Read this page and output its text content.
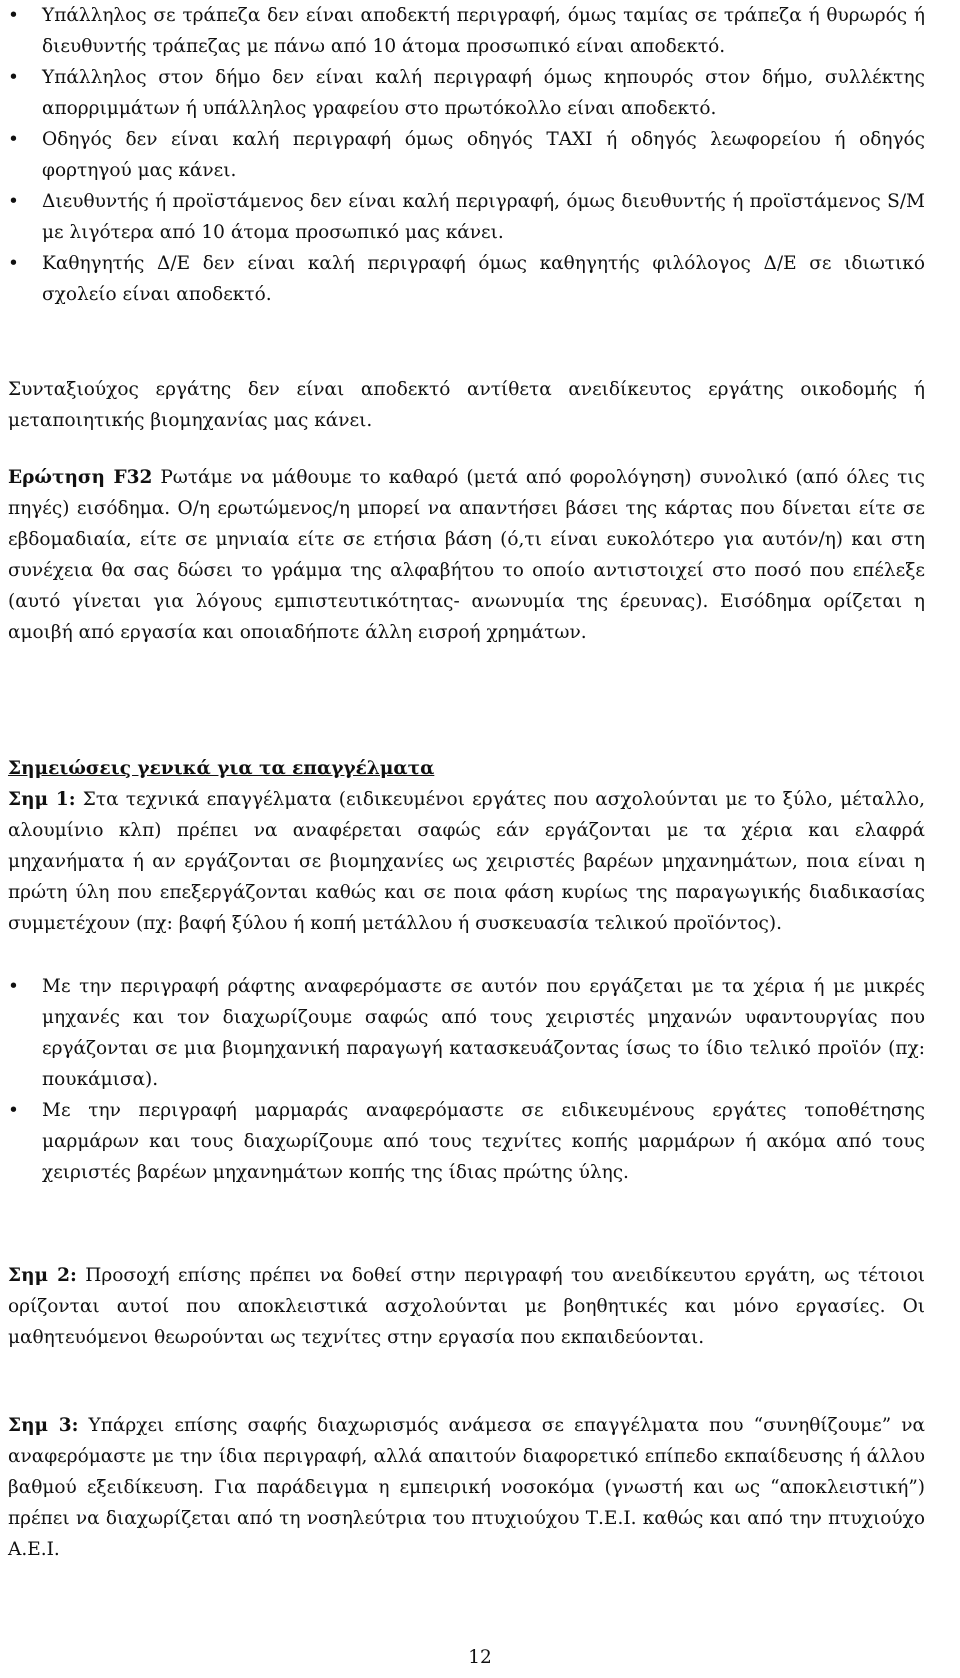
• Υπάλληλος σε τράπεζα δεν είναι αποδεκτή περιγραφή, όμως ταμίας σε τράπεζα ή θυρωρός ή διευθυντής τράπεζας με πάνω από 10 άτομα προσωπικό είναι αποδεκτό.
• Υπάλληλος στον δήμο δεν είναι καλή περιγραφή όμως κηπουρός στον δήμο, συλλέκτης απορριμμάτων ή υπάλληλος γραφείου στο πρωτόκολλο είναι αποδεκτό.
• Οδηγός δεν είναι καλή περιγραφή όμως οδηγός ΤΑΧΙ ή οδηγός λεωφορείου ή οδηγός φορτηγού μας κάνει.
• Διευθυντής ή προϊστάμενος δεν είναι καλή περιγραφή, όμως διευθυντής ή προϊστάμενος S/M με λιγότερα από 10 άτομα προσωπικό μας κάνει.
• Καθηγητής Δ/Ε δεν είναι καλή περιγραφή όμως καθηγητής φιλόλογος Δ/Ε σε ιδιωτικό σχολείο είναι αποδεκτό.

Συνταξιούχος εργάτης δεν είναι αποδεκτό αντίθετα ανειδίκευτος εργάτης οικοδομής ή μεταποιητικής βιομηχανίας μας κάνει.

Ερώτηση F32 Ρωτάμε να μάθουμε το καθαρό (μετά από φορολόγηση) συνολικό (από όλες τις πηγές) εισόδημα. Ο/η ερωτώμενος/η μπορεί να απαντήσει βάσει της κάρτας που δίνεται είτε σε εβδομαδιαία, είτε σε μηνιαία είτε σε ετήσια βάση (ό,τι είναι ευκολότερο για αυτόν/η) και στη συνέχεια θα σας δώσει το γράμμα της αλφαβήτου το οποίο αντιστοιχεί στο ποσό που επέλεξε (αυτό γίνεται για λόγους εμπιστευτικότητας- ανωνυμία της έρευνας). Εισόδημα ορίζεται η αμοιβή από εργασία και οποιαδήποτε άλλη εισροή χρημάτων.

Σημειώσεις γενικά για τα επαγγέλματα

Σημ 1: Στα τεχνικά επαγγέλματα (ειδικευμένοι εργάτες που ασχολούνται με το ξύλο, μέταλλο, αλουμίνιο κλπ) πρέπει να αναφέρεται σαφώς εάν εργάζονται με τα χέρια και ελαφρά μηχανήματα ή αν εργάζονται σε βιομηχανίες ως χειριστές βαρέων μηχανημάτων, ποια είναι η πρώτη ύλη που επεξεργάζονται καθώς και σε ποια φάση κυρίως της παραγωγικής διαδικασίας συμμετέχουν (πχ: βαφή ξύλου ή κοπή μετάλλου ή συσκευασία τελικού προϊόντος).

• Με την περιγραφή ράφτης αναφερόμαστε σε αυτόν που εργάζεται με τα χέρια ή με μικρές μηχανές και τον διαχωρίζουμε σαφώς από τους χειριστές μηχανών υφαντουργίας που εργάζονται σε μια βιομηχανική παραγωγή κατασκευάζοντας ίσως το ίδιο τελικό προϊόν (πχ: πουκάμισα).
• Με την περιγραφή μαρμαράς αναφερόμαστε σε ειδικευμένους εργάτες τοποθέτησης μαρμάρων και τους διαχωρίζουμε από τους τεχνίτες κοπής μαρμάρων ή ακόμα από τους χειριστές βαρέων μηχανημάτων κοπής της ίδιας πρώτης ύλης.

Σημ 2: Προσοχή επίσης πρέπει να δοθεί στην περιγραφή του ανειδίκευτου εργάτη, ως τέτοιοι ορίζονται αυτοί που αποκλειστικά ασχολούνται με βοηθητικές και μόνο εργασίες. Οι μαθητευόμενοι θεωρούνται ως τεχνίτες στην εργασία που εκπαιδεύονται.

Σημ 3: Υπάρχει επίσης σαφής διαχωρισμός ανάμεσα σε επαγγέλματα που “συνηθίζουμε” να αναφερόμαστε με την ίδια περιγραφή, αλλά απαιτούν διαφορετικό επίπεδο εκπαίδευσης ή άλλου βαθμού εξειδίκευση. Για παράδειγμα η εμπειρική νοσοκόμα (γνωστή και ως “αποκλειστική”) πρέπει να διαχωρίζεται από τη νοσηλεύτρια του πτυχιούχου Τ.Ε.Ι. καθώς και από την πτυχιούχο Α.Ε.Ι.

12
